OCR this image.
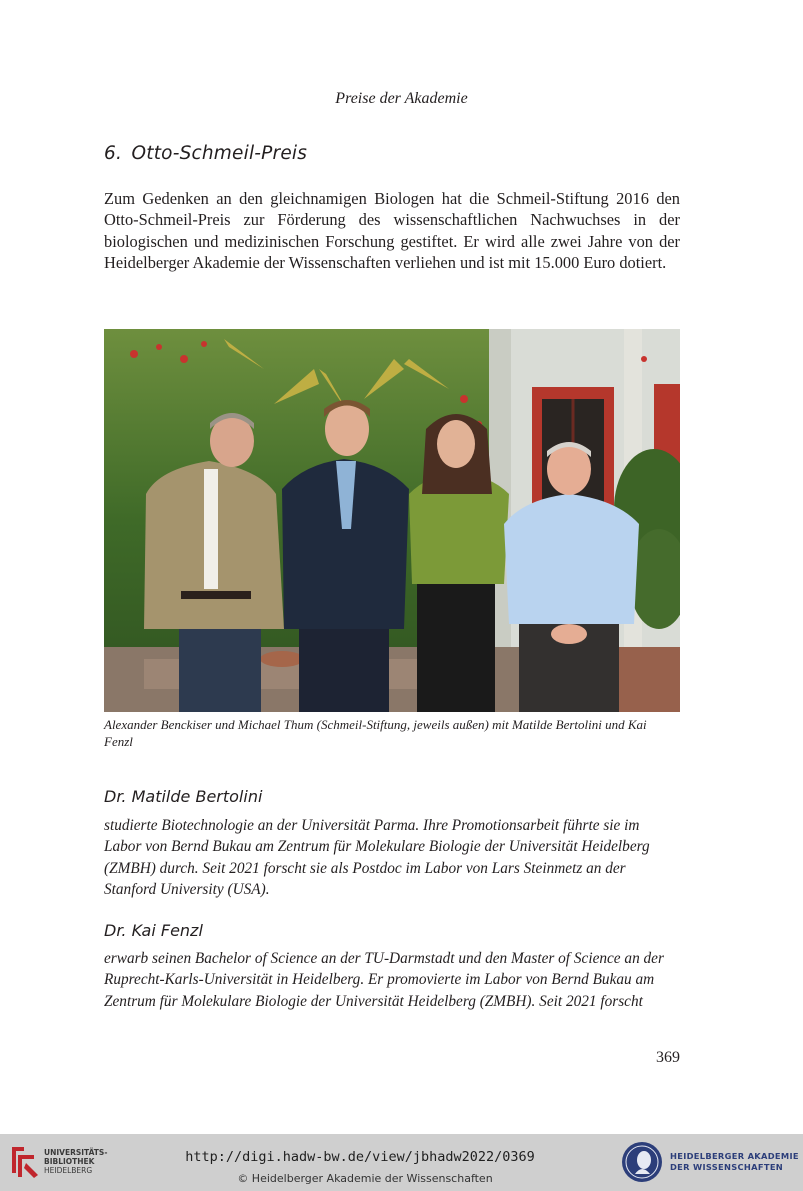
Preise der Akademie
6. Otto-Schmeil-Preis
Zum Gedenken an den gleichnamigen Biologen hat die Schmeil-Stiftung 2016 den Otto-Schmeil-Preis zur Förderung des wissenschaftlichen Nachwuchses in der biologischen und medizinischen Forschung gestiftet. Er wird alle zwei Jahre von der Heidelberger Akademie der Wissenschaften verliehen und ist mit 15.000 Euro dotiert.
Alexander Benckiser und Michael Thum (Schmeil-Stiftung, jeweils außen) mit Matilde Bertolini und Kai Fenzl
Dr. Matilde Bertolini
studierte Biotechnologie an der Universität Parma. Ihre Promotionsarbeit führte sie im Labor von Bernd Bukau am Zentrum für Molekulare Biologie der Universität Heidelberg (ZMBH) durch. Seit 2021 forscht sie als Postdoc im Labor von Lars Steinmetz an der Stanford University (USA).
Dr. Kai Fenzl
erwarb seinen Bachelor of Science an der TU-Darmstadt und den Master of Science an der Ruprecht-Karls-Universität in Heidelberg. Er promovierte im Labor von Bernd Bukau am Zentrum für Molekulare Biologie der Universität Heidelberg (ZMBH). Seit 2021 forscht
369
UNIVERSITÄTS-
BIBLIOTHEK
HEIDELBERG
http://digi.hadw-bw.de/view/jbhadw2022/0369
© Heidelberger Akademie der Wissenschaften
HEIDELBERGER AKADEMIE
DER WISSENSCHAFTEN
